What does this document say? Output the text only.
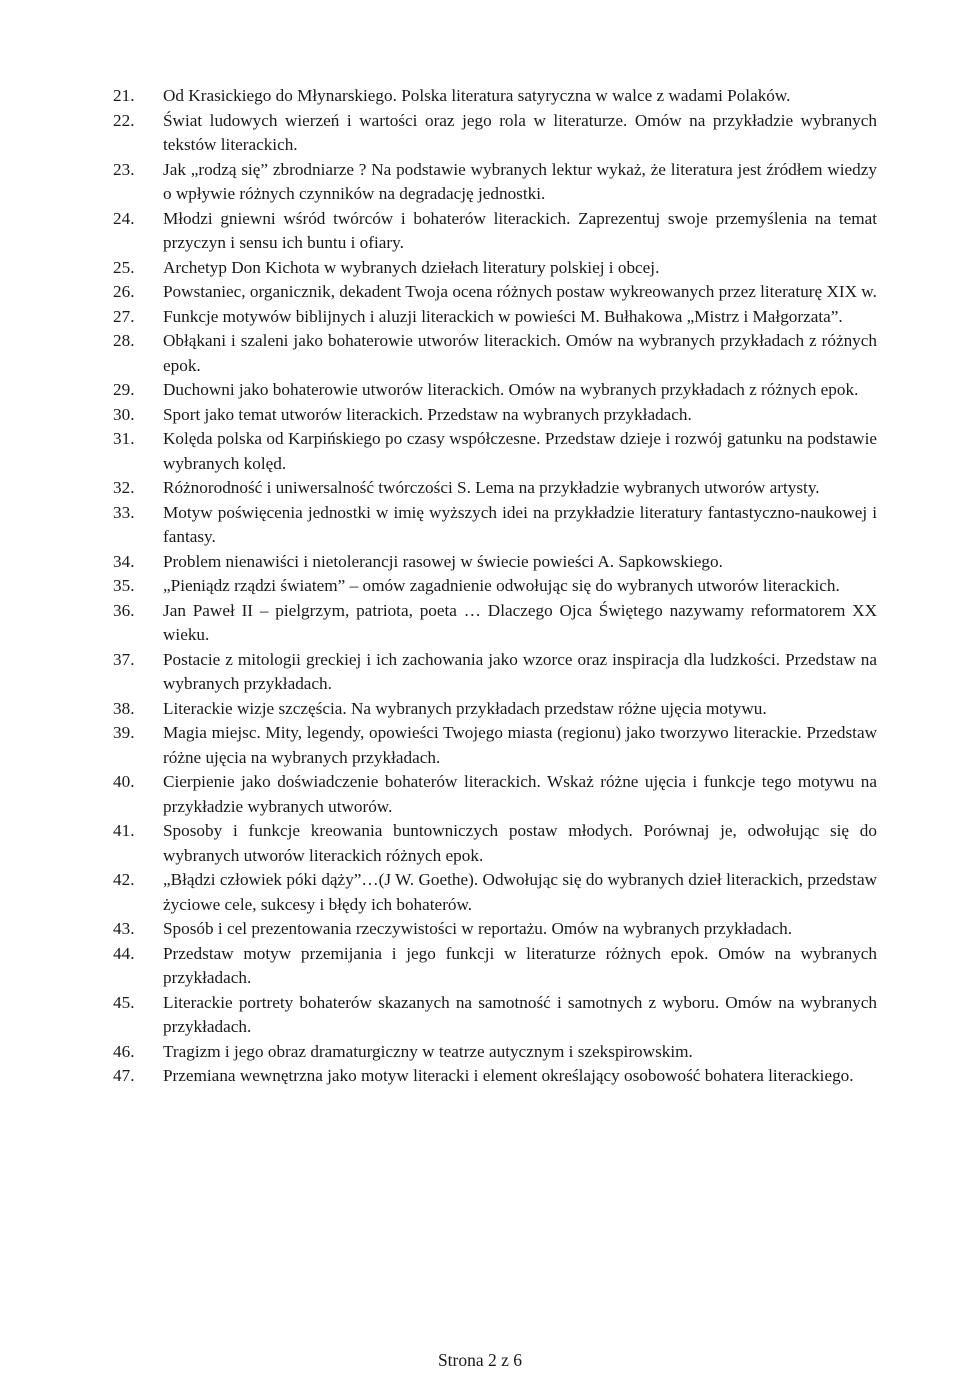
21.	Od Krasickiego do Młynarskiego. Polska literatura satyryczna w walce z wadami Polaków.
22.	Świat ludowych wierzeń i wartości oraz jego rola w literaturze. Omów na przykładzie wybranych tekstów literackich.
23.	Jak „rodzą się” zbrodniarze ? Na podstawie wybranych lektur wykaż, że literatura jest źródłem wiedzy o wpływie różnych czynników na degradację jednostki.
24.	Młodzi gniewni wśród twórców i bohaterów literackich. Zaprezentuj swoje przemyślenia na temat przyczyn i sensu ich buntu i ofiary.
25.	Archetyp Don Kichota w wybranych dziełach literatury polskiej i obcej.
26.	Powstaniec, organicznik, dekadent Twoja ocena różnych postaw wykreowanych przez literaturę XIX w.
27.	Funkcje motywów biblijnych i aluzji literackich w powieści M. Bułhakowa „Mistrz i Małgorzata”.
28.	Obłąkani i szaleni jako bohaterowie utworów literackich. Omów na wybranych przykładach z różnych epok.
29.	Duchowni jako bohaterowie utworów literackich. Omów na wybranych przykładach z różnych epok.
30.	Sport jako temat utworów literackich. Przedstaw na wybranych przykładach.
31.	Kolęda polska od Karpińskiego po czasy współczesne. Przedstaw dzieje i rozwój gatunku na podstawie wybranych kolęd.
32.	Różnorodność i uniwersalność twórczości S. Lema na przykładzie wybranych utworów artysty.
33.	Motyw poświęcenia jednostki w imię wyższych idei na przykładzie literatury fantastyczno-naukowej i fantasy.
34.	Problem nienawiści i nietolerancji rasowej w świecie powieści A. Sapkowskiego.
35.	„Pieniądz rządzi światem” – omów zagadnienie odwołując się do wybranych utworów literackich.
36.	Jan Paweł II – pielgrzym, patriota, poeta … Dlaczego Ojca Świętego nazywamy reformatorem XX wieku.
37.	Postacie z mitologii greckiej i ich zachowania jako wzorce oraz inspiracja dla ludzkości. Przedstaw na wybranych przykładach.
38.	Literackie wizje szczęścia. Na wybranych przykładach przedstaw różne ujęcia motywu.
39.	Magia miejsc. Mity, legendy, opowieści Twojego miasta (regionu) jako tworzywo literackie. Przedstaw różne ujęcia na wybranych przykładach.
40.	Cierpienie jako doświadczenie bohaterów literackich. Wskaż różne ujęcia i funkcje tego motywu na przykładzie wybranych utworów.
41.	Sposoby i funkcje kreowania buntowniczych postaw młodych. Porównaj je, odwołując się do wybranych utworów literackich różnych epok.
42.	„Błądzi człowiek póki dąży”…(J W. Goethe). Odwołując się do wybranych dzieł literackich, przedstaw życiowe cele, sukcesy i błędy ich bohaterów.
43.	Sposób i cel prezentowania rzeczywistości w reportażu. Omów na wybranych przykładach.
44.	Przedstaw motyw przemijania i jego funkcji w literaturze różnych epok. Omów na wybranych przykładach.
45.	Literackie portrety bohaterów skazanych na samotność i samotnych z wyboru. Omów na wybranych przykładach.
46.	Tragizm i jego obraz dramaturgiczny w teatrze autycznym i szekspirowskim.
47.	Przemiana wewnętrzna jako motyw literacki i element określający osobowość bohatera literackiego.
Strona 2 z 6
